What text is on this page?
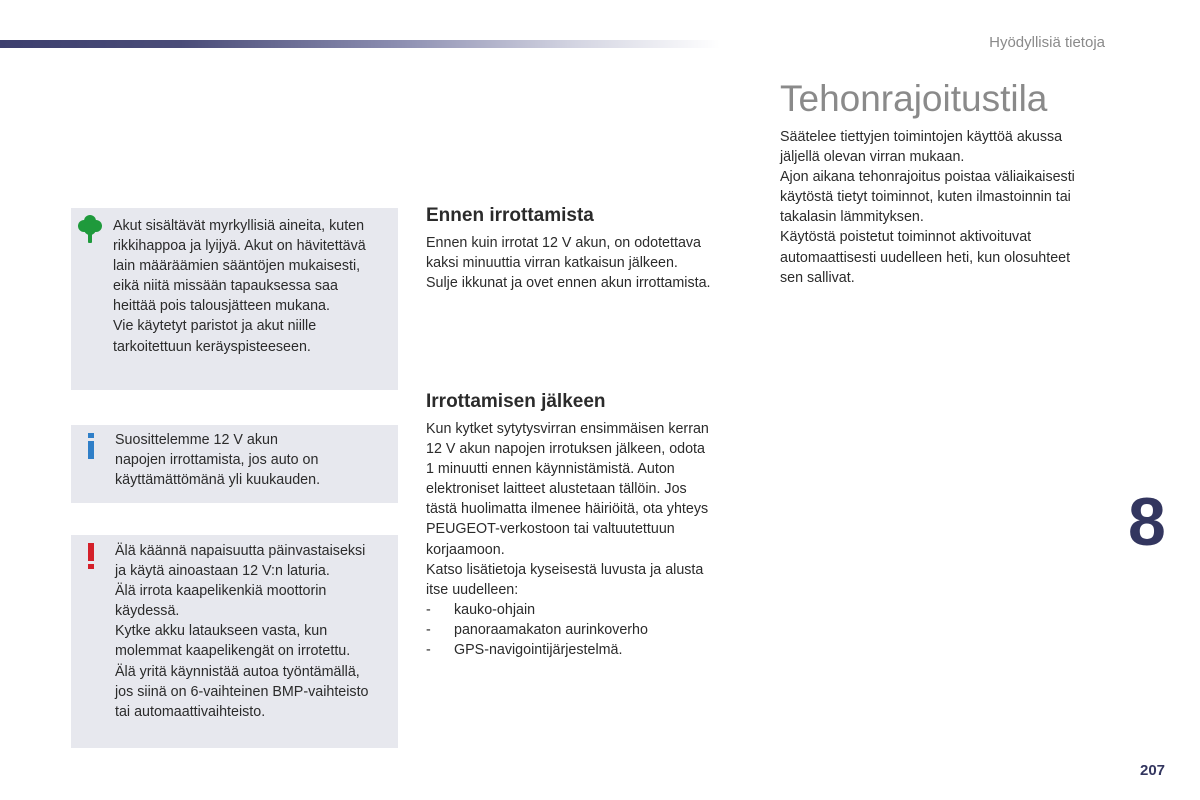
Hyödyllisiä tietoja
Akut sisältävät myrkyllisiä aineita, kuten
rikkihappoa ja lyijyä. Akut on hävitettävä
lain määräämien sääntöjen mukaisesti,
eikä niitä missään tapauksessa saa
heittää pois talousjätteen mukana.
Vie käytetyt paristot ja akut niille
tarkoitettuun keräyspisteeseen.
Suosittelemme 12 V akun
napojen irrottamista, jos auto on
käyttämättömänä yli kuukauden.
Älä käännä napaisuutta päinvastaiseksi
ja käytä ainoastaan 12 V:n laturia.
Älä irrota kaapelikenkiä moottorin
käydessä.
Kytke akku lataukseen vasta, kun
molemmat kaapelikengät on irrotettu.
Älä yritä käynnistää autoa työntämällä,
jos siinä on 6-vaihteinen BMP-vaihteisto
tai automaattivaihteisto.
Ennen irrottamista
Ennen kuin irrotat 12 V akun, on odotettava
kaksi minuuttia virran katkaisun jälkeen.
Sulje ikkunat ja ovet ennen akun irrottamista.
Irrottamisen jälkeen
Kun kytket sytytysvirran ensimmäisen kerran
12 V akun napojen irrotuksen jälkeen, odota
1 minuutti ennen käynnistämistä. Auton
elektroniset laitteet alustetaan tällöin. Jos
tästä huolimatta ilmenee häiriöitä, ota yhteys
PEUGEOT-verkostoon tai valtuutettuun
korjaamoon.
Katso lisätietoja kyseisestä luvusta ja alusta
itse uudelleen:
-	kauko-ohjain
-	panoraamakaton aurinkoverho
-	GPS-navigointijärjestelmä.
Tehonrajoitustila
Säätelee tiettyjen toimintojen käyttöä akussa
jäljellä olevan virran mukaan.
Ajon aikana tehonrajoitus poistaa väliaikaisesti
käytöstä tietyt toiminnot, kuten ilmastoinnin tai
takalasin lämmityksen.
Käytöstä poistetut toiminnot aktivoituvat
automaattisesti uudelleen heti, kun olosuhteet
sen sallivat.
8
207
